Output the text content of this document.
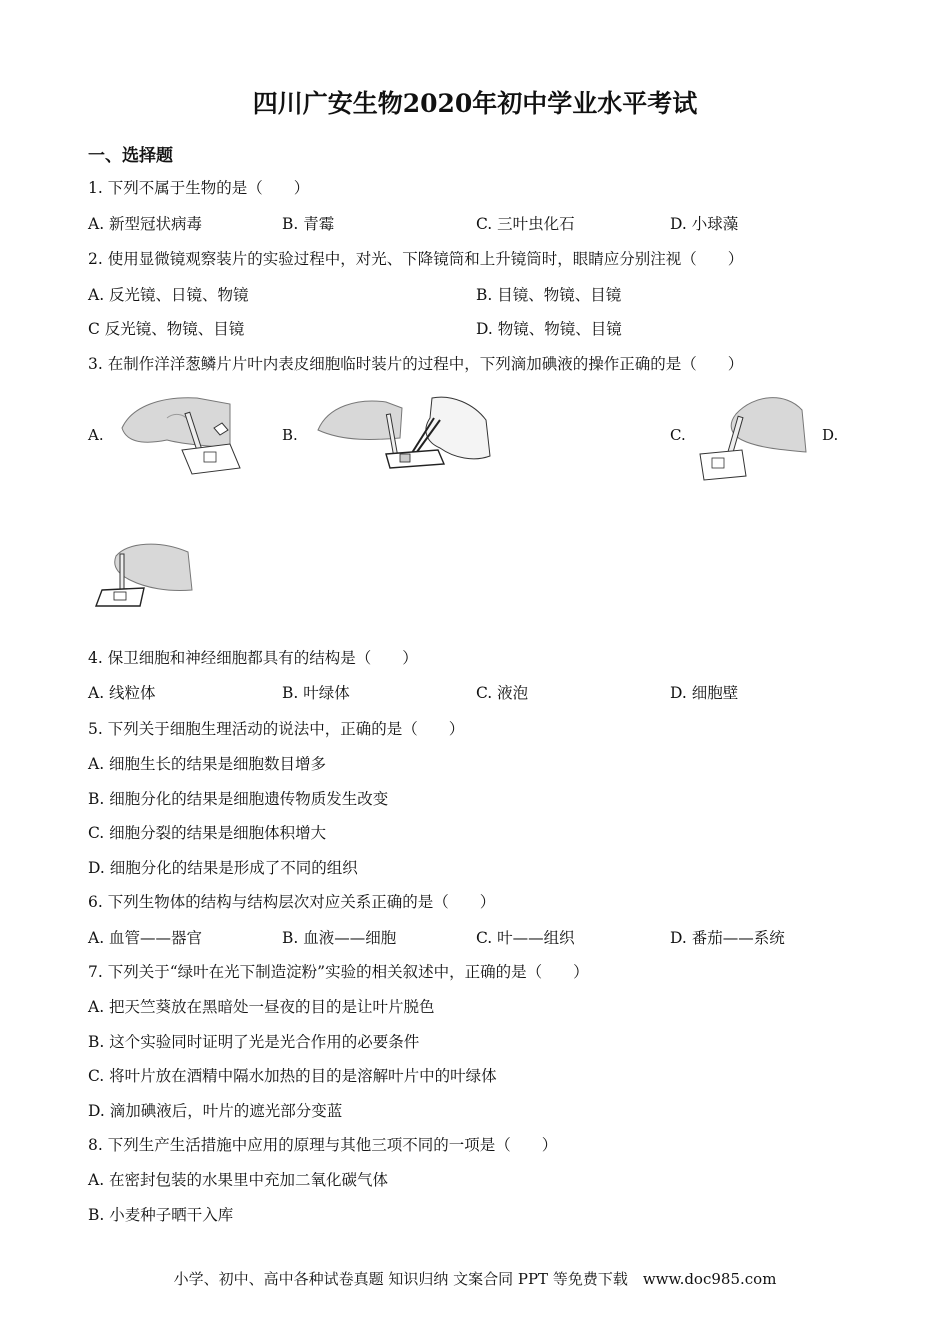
四川广安生物2020年初中学业水平考试
一、选择题
1. 下列不属于生物的是（　　）
A. 新型冠状病毒	B. 青霉	C. 三叶虫化石	D. 小球藻
2. 使用显微镜观察装片的实验过程中，对光、下降镜筒和上升镜筒时，眼睛应分别注视（　　）
A. 反光镜、日镜、物镜	B. 目镜、物镜、目镜
C 反光镜、物镜、目镜	D. 物镜、物镜、目镜
3. 在制作洋洋葱鳞片片叶内表皮细胞临时装片的过程中，下列滴加碘液的操作正确的是（　　）
A.	B.	C.	D.
4. 保卫细胞和神经细胞都具有的结构是（　　）
A. 线粒体	B. 叶绿体	C. 液泡	D. 细胞壁
5. 下列关于细胞生理活动的说法中，正确的是（　　）
A. 细胞生长的结果是细胞数目增多
B. 细胞分化的结果是细胞遗传物质发生改变
C. 细胞分裂的结果是细胞体积增大
D. 细胞分化的结果是形成了不同的组织
6. 下列生物体的结构与结构层次对应关系正确的是（　　）
A. 血管——器官	B. 血液——细胞	C. 叶——组织	D. 番茄——系统
7. 下列关于“绿叶在光下制造淀粉”实验的相关叙述中，正确的是（　　）
A. 把天竺葵放在黑暗处一昼夜的目的是让叶片脱色
B. 这个实验同时证明了光是光合作用的必要条件
C. 将叶片放在酒精中隔水加热的目的是溶解叶片中的叶绿体
D. 滴加碘液后，叶片的遮光部分变蓝
8. 下列生产生活措施中应用的原理与其他三项不同的一项是（　　）
A. 在密封包装的水果里中充加二氧化碳气体
B. 小麦种子晒干入库
小学、初中、高中各种试卷真题 知识归纳 文案合同 PPT 等免费下载　www.doc985.com
